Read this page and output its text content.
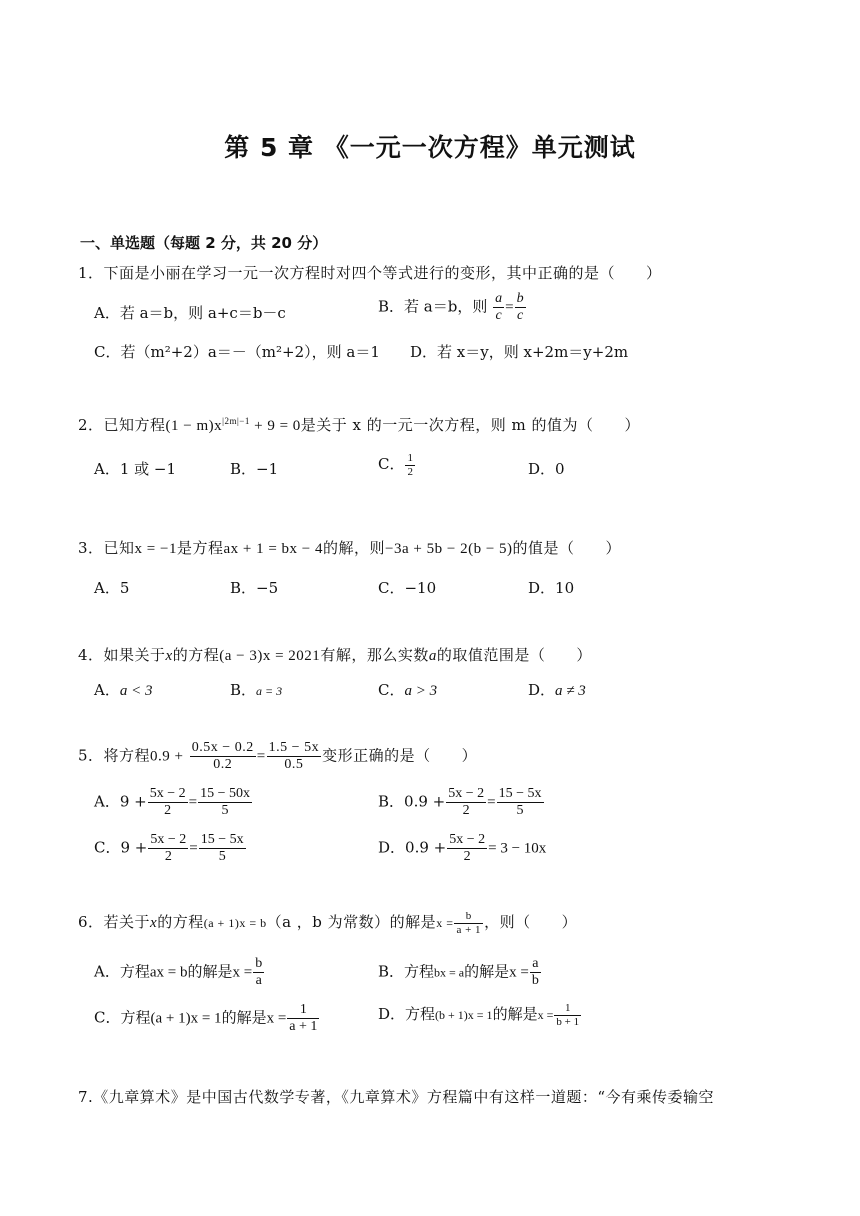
第 5 章 《一元一次方程》单元测试
一、单选题（每题 2 分，共 20 分）
1．下面是小丽在学习一元一次方程时对四个等式进行的变形，其中正确的是（　　）
A．若 a＝b，则 a+c＝b－c	B．若 a＝b，则 $\frac{a}{c} = \frac{b}{c}$
C．若（m²+2）a＝－（m²+2），则 a＝1 D．若 x＝y，则 x+2m＝y+2m
2．已知方程$(1 - m)x^{|2m|-1} + 9 = 0$是关于 x 的一元一次方程，则 m 的值为（　　）
A．1 或 −1	B．−1	C． $\frac{1}{2}$	D．0
3．已知x = −1是方程ax + 1 = bx − 4的解，则−3a + 5b − 2(b − 5)的值是（　　）
A．5	B．−5	C．−10	D．10
4．如果关于x的方程(a − 3)x = 2021有解，那么实数a的取值范围是（　　）
A．a < 3	B．a = 3	C．a > 3	D．a ≠ 3
5．将方程$0.9 + \frac{0.5x - 0.2}{0.2} = \frac{1.5 - 5x}{0.5}$ 变形正确的是（　　）
A．$9 + \frac{5x - 2}{2} = \frac{15 - 50x}{5}$	B．$0.9 + \frac{5x - 2}{2} = \frac{15 - 5x}{5}$
C．$9 + \frac{5x - 2}{2} = \frac{15 - 5x}{5}$	D．$0.9 + \frac{5x - 2}{2} = 3 - 10x$
6．若关于x的方程(a + 1)x = b（a ，b 为常数）的解是$x = \frac{b}{a + 1}$ ，则（　　）
A．方程ax = b的解是$x = \frac{b}{a}$	B．方程bx = a的解是$x = \frac{a}{b}$
C．方程(a + 1)x = 1的解是$x = \frac{1}{a + 1}$	D．方程(b + 1)x = 1的解是$x = \frac{1}{b + 1}$
7.《九章算术》是中国古代数学专著，《九章算术》方程篇中有这样一道题：“今有乘传委输空
